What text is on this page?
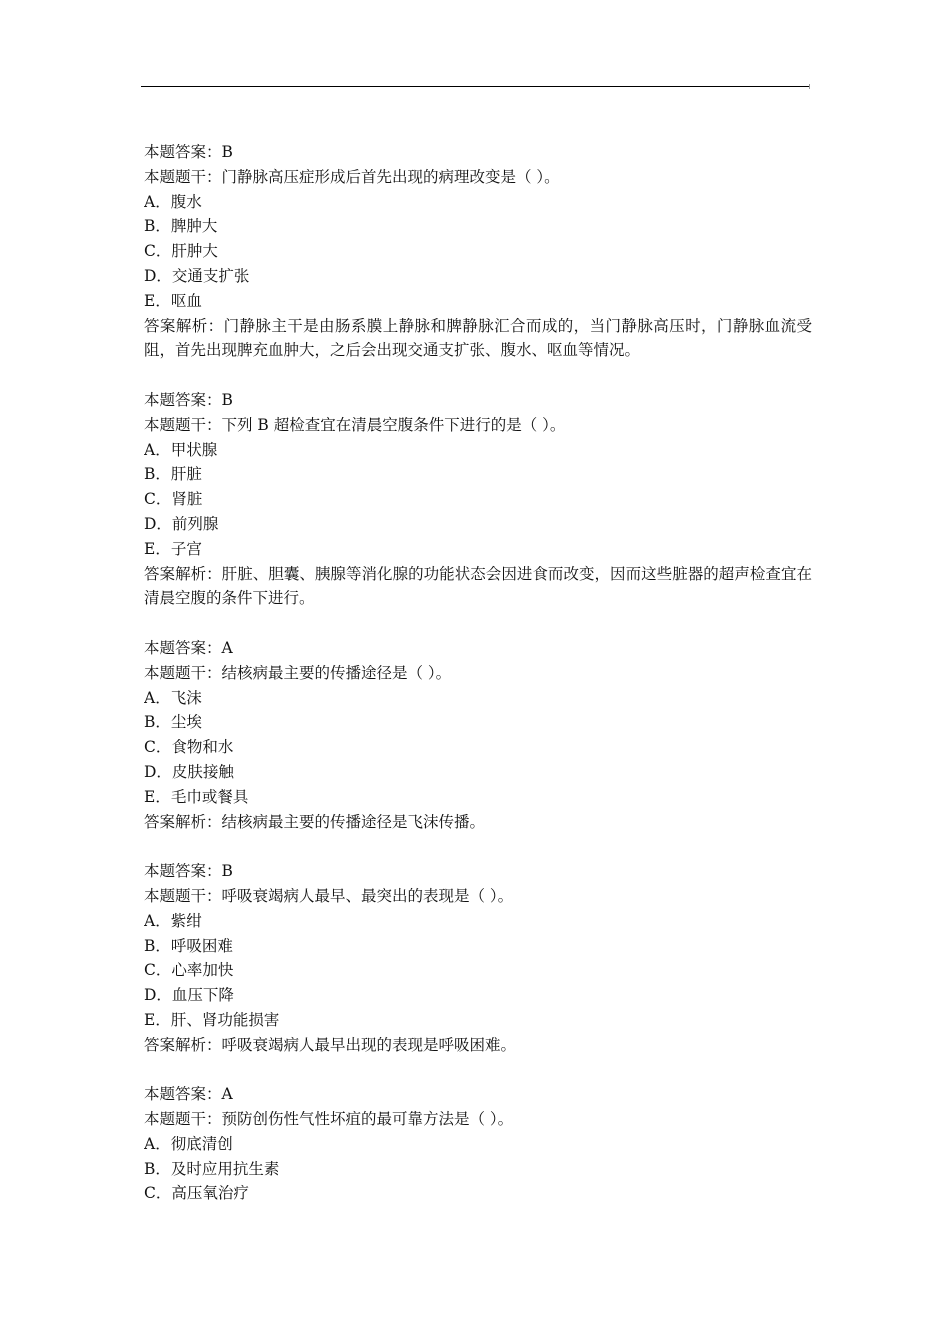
本题答案：B
本题题干：门静脉高压症形成后首先出现的病理改变是（ ）。
A．腹水
B．脾肿大
C．肝肿大
D．交通支扩张
E．呕血
答案解析：门静脉主干是由肠系膜上静脉和脾静脉汇合而成的，当门静脉高压时，门静脉血流受阻，首先出现脾充血肿大，之后会出现交通支扩张、腹水、呕血等情况。
本题答案：B
本题题干：下列 B 超检查宜在清晨空腹条件下进行的是（ ）。
A．甲状腺
B．肝脏
C．肾脏
D．前列腺
E．子宫
答案解析：肝脏、胆囊、胰腺等消化腺的功能状态会因进食而改变，因而这些脏器的超声检查宜在清晨空腹的条件下进行。
本题答案：A
本题题干：结核病最主要的传播途径是（ ）。
A．飞沫
B．尘埃
C．食物和水
D．皮肤接触
E．毛巾或餐具
答案解析：结核病最主要的传播途径是飞沫传播。
本题答案：B
本题题干：呼吸衰竭病人最早、最突出的表现是（ ）。
A．紫绀
B．呼吸困难
C．心率加快
D．血压下降
E．肝、肾功能损害
答案解析：呼吸衰竭病人最早出现的表现是呼吸困难。
本题答案：A
本题题干：预防创伤性气性坏疽的最可靠方法是（ ）。
A．彻底清创
B．及时应用抗生素
C．高压氧治疗
